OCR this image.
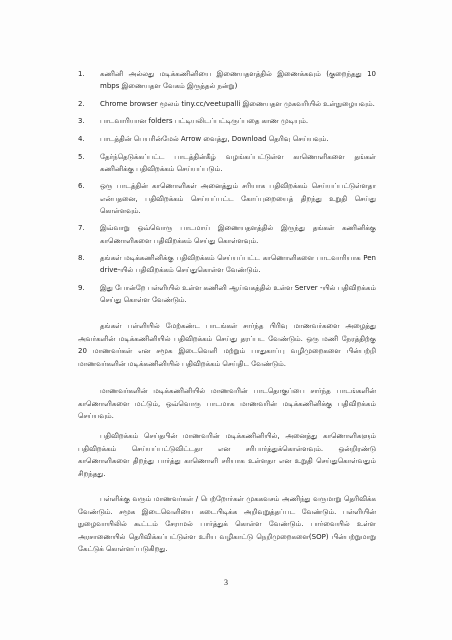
1.	கணினி அல்லது மடிக்கணினியை இணையதளத்தில் இணைக்கவும் (குறைந்தது 10 mbps இணையதள வேகம் இருத்தல் நன்று)
2.	Chrome browser மூலம் tiny.cc/veetupalli இணையதள முகவரியில் உள்நுழையவும்.
3.	பாடவாரியான folders பட்டியலிடப்பட்டிருப்பதை காண முடியும்.
4.	பாடத்தின் பெயரின்மேல் Arrow வைத்து, Download தெரிவு செய்யவும்.
5.	தேர்ந்தெடுக்கப்பட்ட பாடத்தின்கீழ் வழங்கப்பட்டுள்ள காணொளிகளை தங்கள் கணினிக்கு பதிவிறக்கம் செய்யப்படும்.
6.	ஒரு பாடத்தின் காணொளிகள் அனைத்தும் சரியாக பதிவிறக்கம் செய்யப்பட்டுள்ளதா என்பதனை, பதிவிறக்கம் செய்யப்பட்ட கோப்புறையைத் திறந்து உறுதி செய்து கொள்ளவும்.
7.	இவ்வாறு ஒவ்வொரு பாடமாய் இணையதளத்தில் இருந்து தங்கள் கணினிக்கு காணொளிகளை பதிவிறக்கம் செய்து கொள்ளவும்.
8.	தங்கள் மடிக்கணினிக்கு பதிவிறக்கம் செய்யப்பட்ட காணொளிகளை பாடவாரியாக Pen drive-யில் பதிவிறக்கம் செய்துகொள்ள வேண்டும்.
9.	இது போன்றே பள்ளியில் உள்ள கணினி ஆய்வகத்தில் உள்ள Server -யில் பதிவிறக்கம் செய்து கொள்ள வேண்டும்.

தங்கள் பள்ளியில் மேற்கண்ட பாடங்கள் சார்ந்த பிரிவு மாணவர்களை அழைத்து அவர்களின் மடிக்கணினியில் பதிவிறக்கம் செய்து தரப்பட வேண்டும். ஒரு மணி நேரத்திற்கு 20 மாணவர்கள் என சமூக இடைவெளி மற்றும் பாதுகாப்பு வழிமுறைகளை பின்பற்றி மாணவர்களின் மடிக்கணினியில் பதிவிறக்கம் செய்திட வேண்டும்.

மாணவர்களின் மடிக்கணினியில் மாணவரின் பாடதொகுப்பை சார்ந்த பாடங்களின் காணொளிகளை மட்டும், ஒவ்வொரு பாடமாக மாணவரின் மடிக்கணினிக்கு பதிவிறக்கம் செய்யவும்.

பதிவிறக்கம் செய்தபின் மாணவரின் மடிக்கணினியில், அனைத்து காணொளிகளும் பதிவிறக்கம் செய்யப்பட்டுவிட்டதா என சரிபார்த்துக்கொள்ளவும். ஒன்றிரண்டு காணொளிகளை திறந்து பார்த்து காணொளி சரியாக உள்ளதா என உறுதி செய்துகொள்வதும் சிறந்தது.

பள்ளிக்கு வரும் மாணவர்கள் / பெற்றோர்கள் முககவசம் அணிந்து வருமாறு தெரிவிக்க வேண்டும். சமூக இடைவெளியை கடைபிடிக்க அறிவுறுத்தப்பட வேண்டும். பள்ளியின் நுழைவாயிலில் கூட்டம் சேராமல் பார்த்துக் கொள்ள வேண்டும். பார்வையில் உள்ள அரசாணையில் தெரிவிக்கப்பட்டுள்ள உரிய வழிகாட்டு நெறிமுறைகளை(SOP) பின்பற்றுமாறு கேட்டுக் கொள்ளப்படுகிறது.

3
